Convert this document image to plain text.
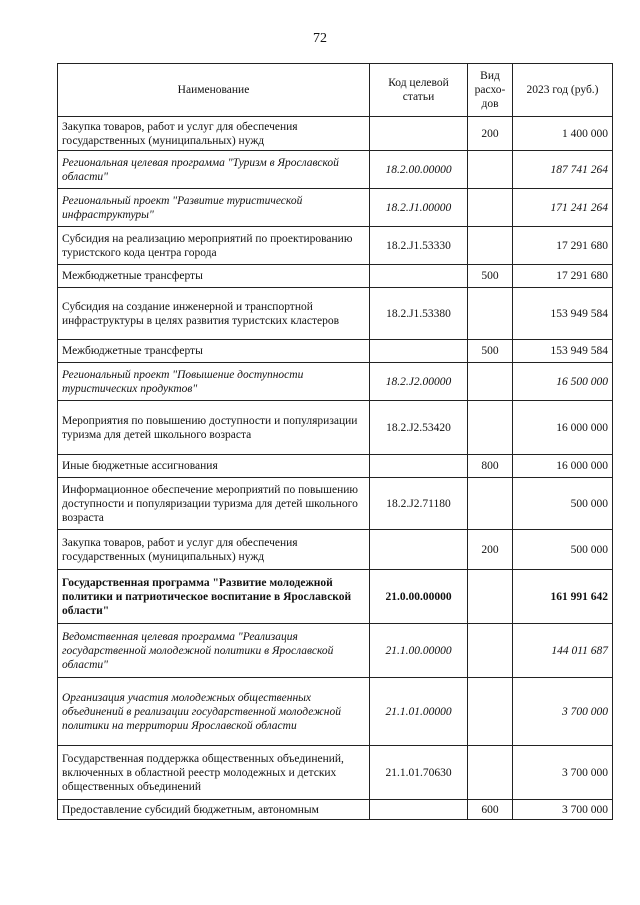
72
Наименование	Код целевой статьи	Вид расхо- дов	2023 год (руб.)
Закупка товаров, работ и услуг для обеспечения государственных (муниципальных) нужд		200	1 400 000
Региональная целевая программа "Туризм в Ярославской области"	18.2.00.00000		187 741 264
Региональный проект "Развитие туристической инфраструктуры"	18.2.J1.00000		171 241 264
Субсидия на реализацию мероприятий по проектированию туристского кода центра города	18.2.J1.53330		17 291 680
Межбюджетные трансферты		500	17 291 680
Субсидия на создание инженерной и транспортной инфраструктуры в целях развития туристских кластеров	18.2.J1.53380		153 949 584
Межбюджетные трансферты		500	153 949 584
Региональный проект "Повышение доступности туристических продуктов"	18.2.J2.00000		16 500 000
Мероприятия по повышению доступности и популяризации туризма для детей школьного возраста	18.2.J2.53420		16 000 000
Иные бюджетные ассигнования		800	16 000 000
Информационное обеспечение мероприятий по повышению доступности и популяризации туризма для детей школьного возраста	18.2.J2.71180		500 000
Закупка товаров, работ и услуг для обеспечения государственных (муниципальных) нужд		200	500 000
Государственная программа "Развитие молодежной политики и патриотическое воспитание в Ярославской области"	21.0.00.00000		161 991 642
Ведомственная целевая программа "Реализация государственной молодежной политики в Ярославской области"	21.1.00.00000		144 011 687
Организация участия молодежных общественных объединений в реализации государственной молодежной политики на территории Ярославской области	21.1.01.00000		3 700 000
Государственная поддержка общественных объединений, включенных в областной реестр молодежных и детских общественных объединений	21.1.01.70630		3 700 000
Предоставление субсидий бюджетным, автономным		600	3 700 000
